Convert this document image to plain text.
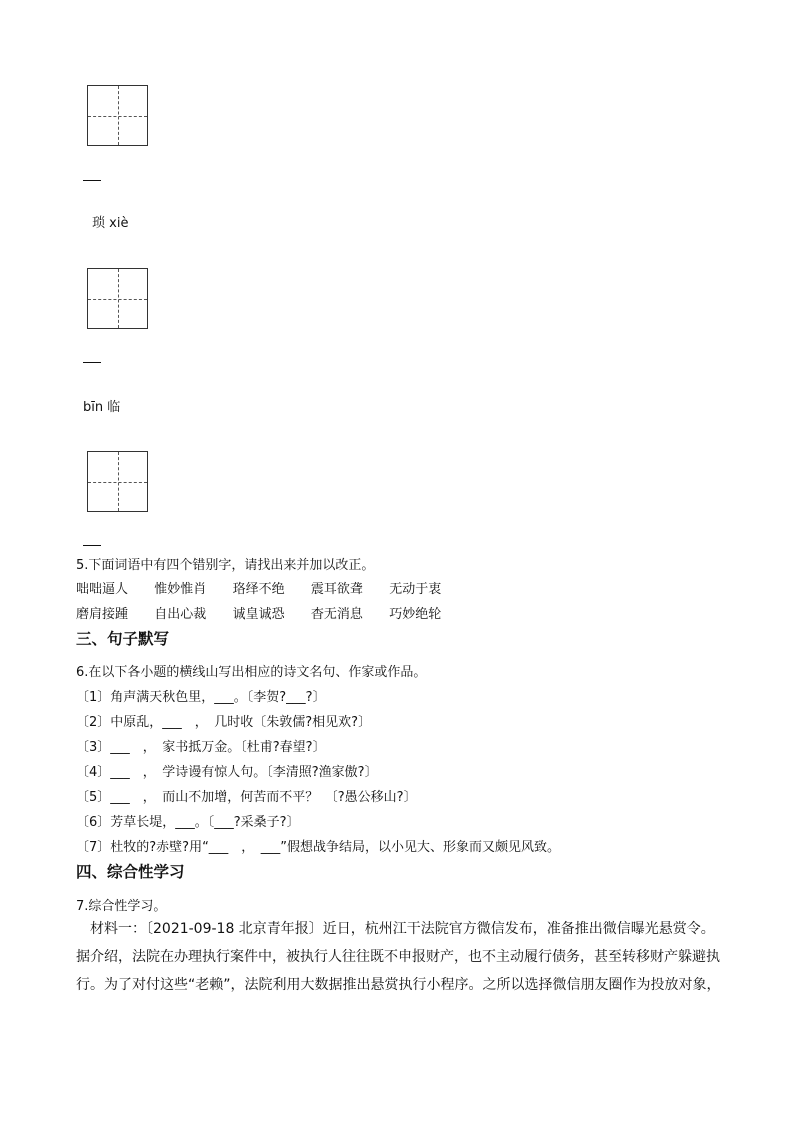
琐 xiè
bīn 临
5.下面词语中有四个错别字，请找出来并加以改正。
咄咄逼人 惟妙惟肖 珞绎不绝 震耳欲聋 无动于衷
磨肩接踵 自出心裁 诚皇诚恐 杳无消息 巧妙绝轮
三、句子默写
6.在以下各小题的横线山写出相应的诗文名句、作家或作品。
〔1〕角声满天秋色里，___。〔李贺?___?〕
〔2〕中原乱，___　，　几时收〔朱敦儒?相见欢?〕
〔3〕___　，　家书抵万金。〔杜甫?春望?〕
〔4〕___　，　学诗谩有惊人句。〔李清照?渔家傲?〕
〔5〕___　，　而山不加增，何苦而不平？　〔?愚公移山?〕
〔6〕芳草长堤，___。〔___?采桑子?〕
〔7〕杜牧的?赤壁?用“___　，　___”假想战争结局，以小见大、形象而又颇见风致。
四、综合性学习
7.综合性学习。
　材料一：〔2021-09-18 北京青年报〕近日，杭州江干法院官方微信发布，准备推出微信曝光悬赏令。
据介绍，法院在办理执行案件中，被执行人往往既不申报财产，也不主动履行债务，甚至转移财产躲避执
行。为了对付这些“老赖”，法院利用大数据推出悬赏执行小程序。之所以选择微信朋友圈作为投放对象，
